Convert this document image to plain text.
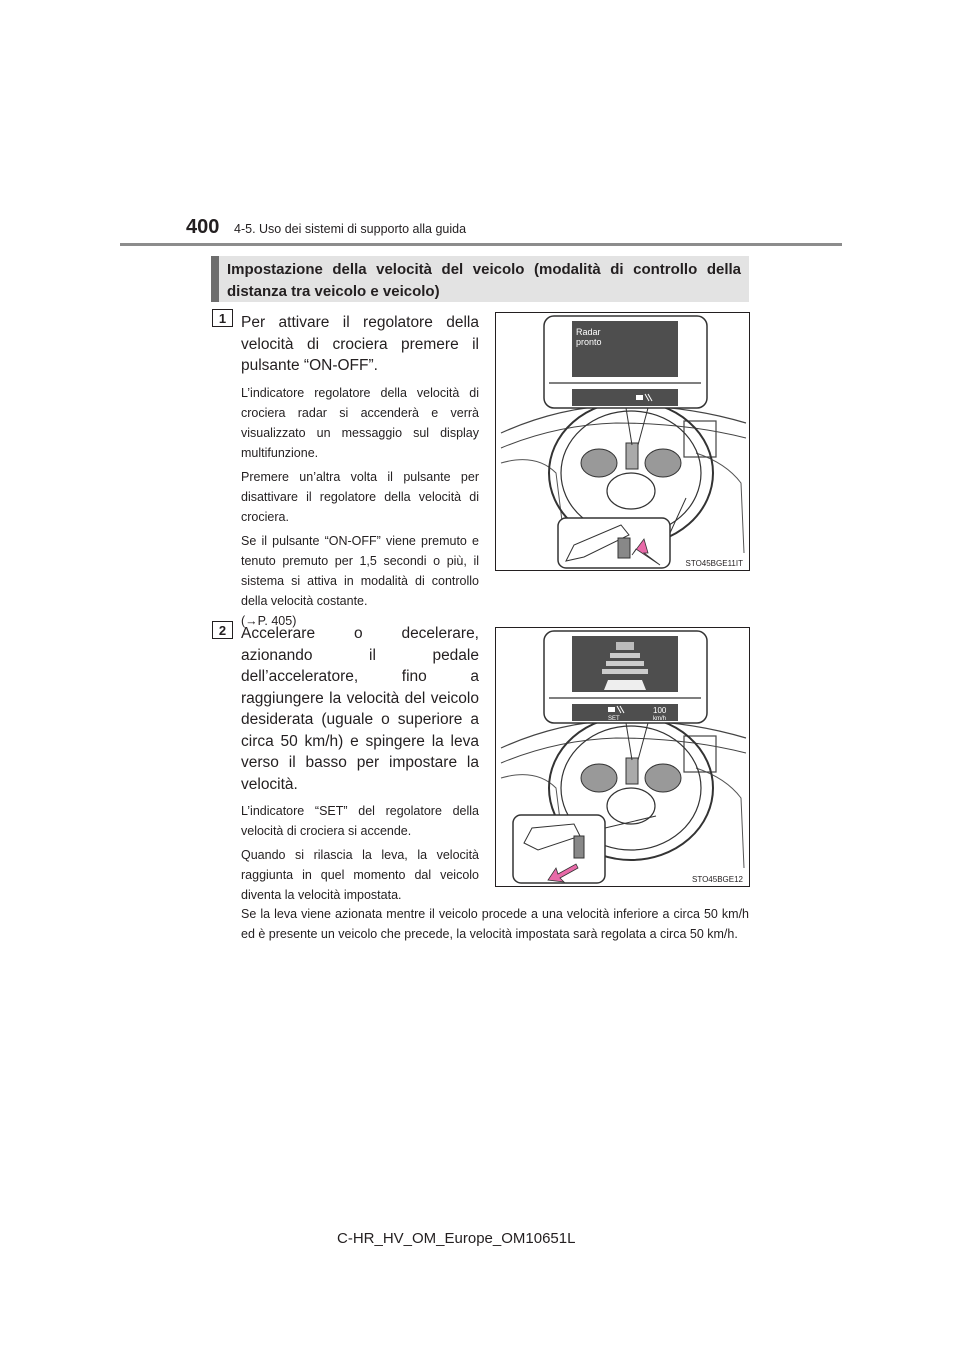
400 4-5. Uso dei sistemi di supporto alla guida
Impostazione della velocità del veicolo (modalità di controllo della distanza tra veicolo e veicolo)
1 Per attivare il regolatore della velocità di crociera premere il pulsante “ON-OFF”.

L’indicatore regolatore della velocità di crociera radar si accenderà e verrà visualizzato un messaggio sul display multifunzione.

Premere un’altra volta il pulsante per disattivare il regolatore della velocità di crociera.

Se il pulsante “ON-OFF” viene premuto e tenuto premuto per 1,5 secondi o più, il sistema si attiva in modalità di controllo della velocità costante.

(→P. 405)

Radar
pronto
STO45BGE11IT
2 Accelerare o decelerare, azionando il pedale dell’acceleratore, fino a raggiungere la velocità del veicolo desiderata (uguale o superiore a circa 50 km/h) e spingere la leva verso il basso per impostare la velocità.

L’indicatore “SET” del regolatore della velocità di crociera si accende.

Quando si rilascia la leva, la velocità raggiunta in quel momento dal veicolo diventa la velocità impostata.

SET
100
km/h
STO45BGE12

Se la leva viene azionata mentre il veicolo procede a una velocità inferiore a circa 50 km/h ed è presente un veicolo che precede, la velocità impostata sarà regolata a circa 50 km/h.

C-HR_HV_OM_Europe_OM10651L
